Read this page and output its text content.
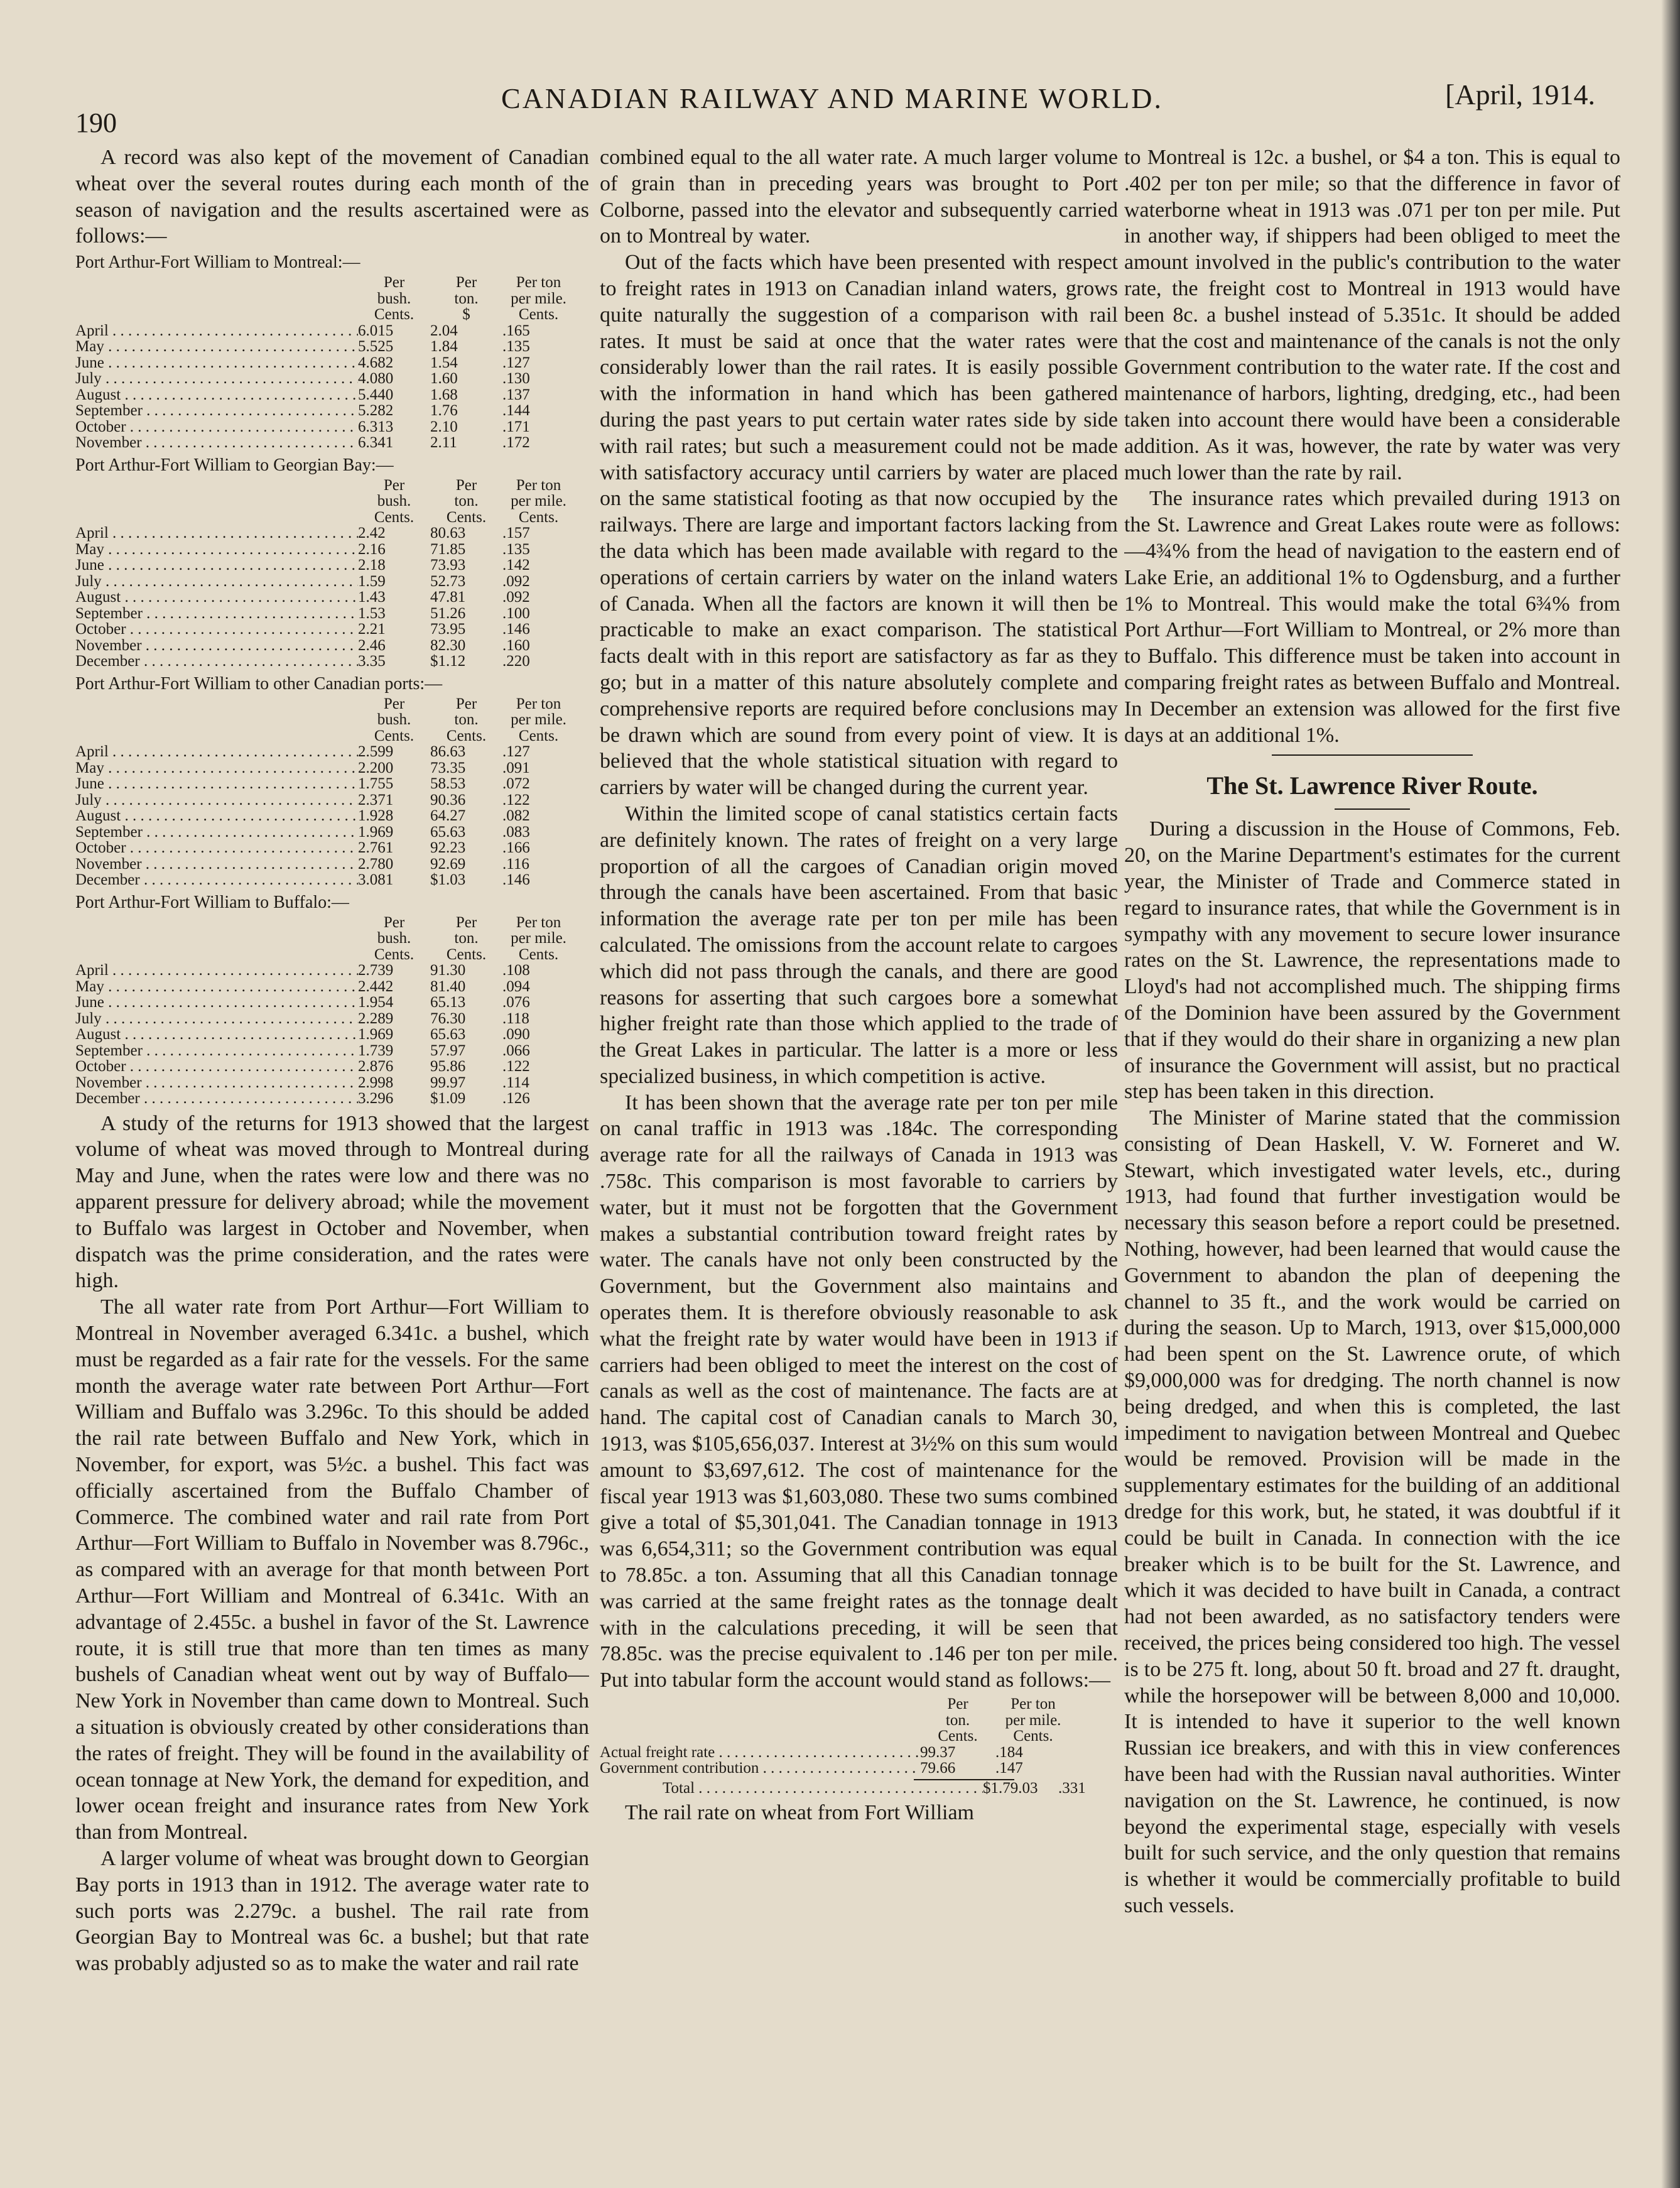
190
CANADIAN RAILWAY AND MARINE WORLD.	[April, 1914.

A record was also kept of the movement of Canadian wheat over the several routes during each month of the season of navigation and the results ascertained were as follows:—

Port Arthur-Fort William to Montreal:—
Per
bush.
Cents.
Per
ton.
$
Per ton
per mile.
Cents.
April . . .	6.015	2.04	.165
May . . .	5.525	1.84	.135
June . . .	4.682	1.54	.127
July . . .	4.080	1.60	.130
August . . .	5.440	1.68	.137
September . . .	5.282	1.76	.144
October . . .	6.313	2.10	.171
November . . .	6.341	2.11	.172
Port Arthur-Fort William to Georgian Bay:—
Per
bush.
Cents.
Per
ton.
Cents.
Per ton
per mile.
Cents.
April . . .	2.42	80.63	.157
May . . .	2.16	71.85	.135
June . . .	2.18	73.93	.142
July . . .	1.59	52.73	.092
August . . .	1.43	47.81	.092
September . . .	1.53	51.26	.100
October . . .	2.21	73.95	.146
November . . .	2.46	82.30	.160
December . . .	3.35	$1.12	.220
Port Arthur-Fort William to other Canadian ports:—
Per
bush.
Cents.
Per
ton.
Cents.
Per ton
per mile.
Cents.
April . . .	2.599	86.63	.127
May . . .	2.200	73.35	.091
June . . .	1.755	58.53	.072
July . . .	2.371	90.36	.122
August . . .	1.928	64.27	.082
September . . .	1.969	65.63	.083
October . . .	2.761	92.23	.166
November . . .	2.780	92.69	.116
December . . .	3.081	$1.03	.146
Port Arthur-Fort William to Buffalo:—
Per
bush.
Cents.
Per
ton.
Cents.
Per ton
per mile.
Cents.
April . . .	2.739	91.30	.108
May . . .	2.442	81.40	.094
June . . .	1.954	65.13	.076
July . . .	2.289	76.30	.118
August . . .	1.969	65.63	.090
September . . .	1.739	57.97	.066
October . . .	2.876	95.86	.122
November . . .	2.998	99.97	.114
December . . .	3.296	$1.09	.126

A study of the returns for 1913 showed that the largest volume of wheat was moved through to Montreal during May and June, when the rates were low and there was no apparent pressure for delivery abroad; while the movement to Buffalo was largest in October and November, when dispatch was the prime consideration, and the rates were high.

The all water rate from Port Arthur—Fort William to Montreal in November averaged 6.341c. a bushel, which must be regarded as a fair rate for the vessels. For the same month the average water rate between Port Arthur—Fort William and Buffalo was 3.296c. To this should be added the rail rate between Buffalo and New York, which in November, for export, was 5½c. a bushel. This fact was officially ascertained from the Buffalo Chamber of Commerce. The combined water and rail rate from Port Arthur—Fort William to Buffalo in November was 8.796c., as compared with an average for that month between Port Arthur—Fort William and Montreal of 6.341c. With an advantage of 2.455c. a bushel in favor of the St. Lawrence route, it is still true that more than ten times as many bushels of Canadian wheat went out by way of Buffalo—New York in November than came down to Montreal. Such a situation is obviously created by other considerations than the rates of freight. They will be found in the availability of ocean tonnage at New York, the demand for expedition, and lower ocean freight and insurance rates from New York than from Montreal.

A larger volume of wheat was brought down to Georgian Bay ports in 1913 than in 1912. The average water rate to such ports was 2.279c. a bushel. The rail rate from Georgian Bay to Montreal was 6c. a bushel; but that rate was probably adjusted so as to make the water and rail rate

combined equal to the all water rate. A much larger volume of grain than in preceding years was brought to Port Colborne, passed into the elevator and subsequently carried on to Montreal by water.

Out of the facts which have been presented with respect to freight rates in 1913 on Canadian inland waters, grows quite naturally the suggestion of a comparison with rail rates. It must be said at once that the water rates were considerably lower than the rail rates. It is easily possible with the information in hand which has been gathered during the past years to put certain water rates side by side with rail rates; but such a measurement could not be made with satisfactory accuracy until carriers by water are placed on the same statistical footing as that now occupied by the railways. There are large and important factors lacking from the data which has been made available with regard to the operations of certain carriers by water on the inland waters of Canada. When all the factors are known it will then be practicable to make an exact comparison. The statistical facts dealt with in this report are satisfactory as far as they go; but in a matter of this nature absolutely complete and comprehensive reports are required before conclusions may be drawn which are sound from every point of view. It is believed that the whole statistical situation with regard to carriers by water will be changed during the current year.

Within the limited scope of canal statistics certain facts are definitely known. The rates of freight on a very large proportion of all the cargoes of Canadian origin moved through the canals have been ascertained. From that basic information the average rate per ton per mile has been calculated. The omissions from the account relate to cargoes which did not pass through the canals, and there are good reasons for asserting that such cargoes bore a somewhat higher freight rate than those which applied to the trade of the Great Lakes in particular. The latter is a more or less specialized business, in which competition is active.

It has been shown that the average rate per ton per mile on canal traffic in 1913 was .184c. The corresponding average rate for all the railways of Canada in 1913 was .758c. This comparison is most favorable to carriers by water, but it must not be forgotten that the Government makes a substantial contribution toward freight rates by water. The canals have not only been constructed by the Government, but the Government also maintains and operates them. It is therefore obviously reasonable to ask what the freight rate by water would have been in 1913 if carriers had been obliged to meet the interest on the cost of canals as well as the cost of maintenance. The facts are at hand. The capital cost of Canadian canals to March 30, 1913, was $105,656,037. Interest at 3½% on this sum would amount to $3,697,612. The cost of maintenance for the fiscal year 1913 was $1,603,080. These two sums combined give a total of $5,301,041. The Canadian tonnage in 1913 was 6,654,311; so the Government contribution was equal to 78.85c. a ton. Assuming that all this Canadian tonnage was carried at the same freight rates as the tonnage dealt with in the calculations preceding, it will be seen that 78.85c. was the precise equivalent to .146 per ton per mile. Put into tabular form the account would stand as follows:—

Per
ton.
Cents.
Per ton
per mile.
Cents.
Actual freight rate . . .	99.37	.184
Government contribution . . .	79.66	.147
Total . . .	$1.79.03	.331

The rail rate on wheat from Fort William

to Montreal is 12c. a bushel, or $4 a ton. This is equal to .402 per ton per mile; so that the difference in favor of waterborne wheat in 1913 was .071 per ton per mile. Put in another way, if shippers had been obliged to meet the amount involved in the public's contribution to the water rate, the freight cost to Montreal in 1913 would have been 8c. a bushel instead of 5.351c. It should be added that the cost and maintenance of the canals is not the only Government contribution to the water rate. If the cost and maintenance of harbors, lighting, dredging, etc., had been taken into account there would have been a considerable addition. As it was, however, the rate by water was very much lower than the rate by rail.

The insurance rates which prevailed during 1913 on the St. Lawrence and Great Lakes route were as follows:—4¾% from the head of navigation to the eastern end of Lake Erie, an additional 1% to Ogdensburg, and a further 1% to Montreal. This would make the total 6¾% from Port Arthur—Fort William to Montreal, or 2% more than to Buffalo. This difference must be taken into account in comparing freight rates as between Buffalo and Montreal. In December an extension was allowed for the first five days at an additional 1%.

The St. Lawrence River Route.

During a discussion in the House of Commons, Feb. 20, on the Marine Department's estimates for the current year, the Minister of Trade and Commerce stated in regard to insurance rates, that while the Government is in sympathy with any movement to secure lower insurance rates on the St. Lawrence, the representations made to Lloyd's had not accomplished much. The shipping firms of the Dominion have been assured by the Government that if they would do their share in organizing a new plan of insurance the Government will assist, but no practical step has been taken in this direction.

The Minister of Marine stated that the commission consisting of Dean Haskell, V. W. Forneret and W. Stewart, which investigated water levels, etc., during 1913, had found that further investigation would be necessary this season before a report could be presetned. Nothing, however, had been learned that would cause the Government to abandon the plan of deepening the channel to 35 ft., and the work would be carried on during the season. Up to March, 1913, over $15,000,000 had been spent on the St. Lawrence orute, of which $9,000,000 was for dredging. The north channel is now being dredged, and when this is completed, the last impediment to navigation between Montreal and Quebec would be removed. Provision will be made in the supplementary estimates for the building of an additional dredge for this work, but, he stated, it was doubtful if it could be built in Canada. In connection with the ice breaker which is to be built for the St. Lawrence, and which it was decided to have built in Canada, a contract had not been awarded, as no satisfactory tenders were received, the prices being considered too high. The vessel is to be 275 ft. long, about 50 ft. broad and 27 ft. draught, while the horsepower will be between 8,000 and 10,000. It is intended to have it superior to the well known Russian ice breakers, and with this in view conferences have been had with the Russian naval authorities. Winter navigation on the St. Lawrence, he continued, is now beyond the experimental stage, especially with vesels built for such service, and the only question that remains is whether it would be commercially profitable to build such vessels.
